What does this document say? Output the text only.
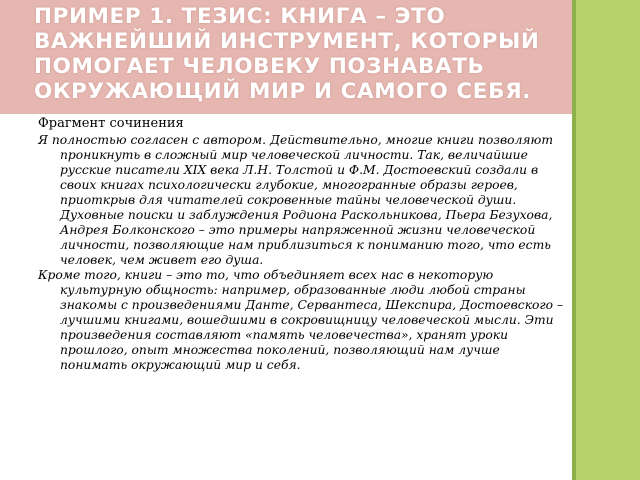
ПРИМЕР 1. ТЕЗИС: КНИГА – ЭТО ВАЖНЕЙШИЙ ИНСТРУМЕНТ, КОТОРЫЙ ПОМОГАЕТ ЧЕЛОВЕКУ ПОЗНАВАТЬ ОКРУЖАЮЩИЙ МИР И САМОГО СЕБЯ.

Фрагмент сочинения

Я полностью согласен с автором. Действительно, многие книги позволяют проникнуть в сложный мир человеческой личности. Так, величайшие русские писатели XIX века Л.Н. Толстой и Ф.М. Достоевский создали в своих книгах психологически глубокие, многогранные образы героев, приоткрыв для читателей сокровенные тайны человеческой души. Духовные поиски и заблуждения Родиона Раскольникова, Пьера Безухова, Андрея Болконского – это примеры напряженной жизни человеческой личности, позволяющие нам приблизиться к пониманию того, что есть человек, чем живет его душа.

Кроме того, книги – это то, что объединяет всех нас в некоторую культурную общность: например, образованные люди любой страны знакомы с произведениями Данте, Сервантеса, Шекспира, Достоевского – лучшими книгами, вошедшими в сокровищницу человеческой мысли. Эти произведения составляют «память человечества», хранят уроки прошлого, опыт множества поколений, позволяющий нам лучше понимать окружающий мир и себя.
